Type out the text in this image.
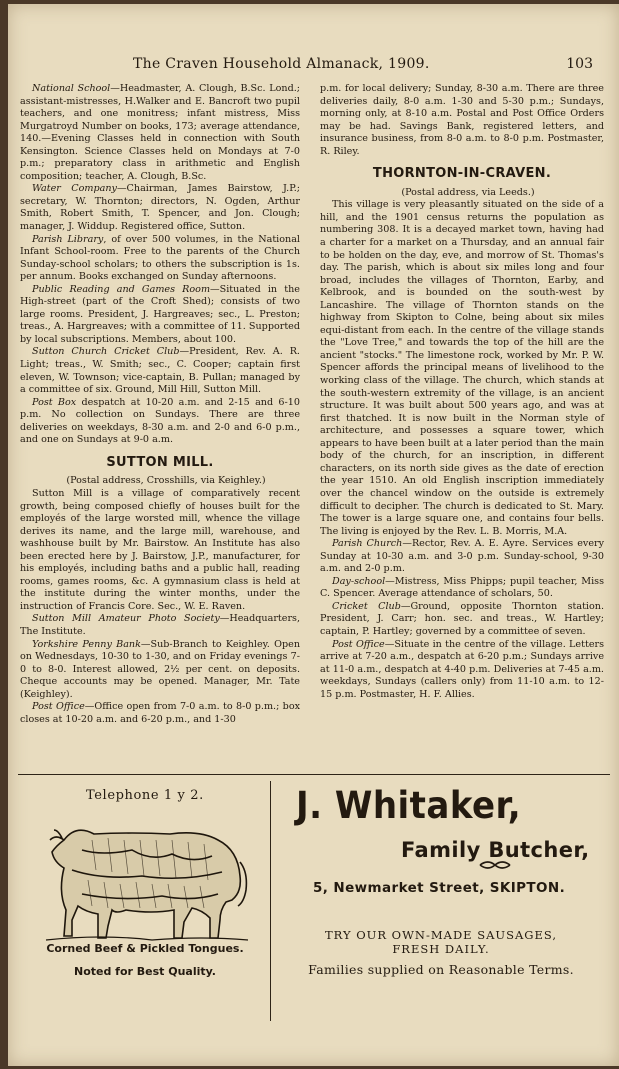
The Craven Household Almanack, 1909.	103

National School—Headmaster, A. Clough, B.Sc. Lond.; assistant-mistresses, H.Walker and E. Bancroft two pupil teachers, and one monitress; infant mistress, Miss Murgatroyd Number on books, 173; average attendance, 140.—Evening Classes held in connection with South Kensington. Science Classes held on Mondays at 7-0 p.m.; preparatory class in arithmetic and English composition; teacher, A. Clough, B.Sc.

Water Company—Chairman, James Bairstow, J.P.; secretary, W. Thornton; directors, N. Ogden, Arthur Smith, Robert Smith, T. Spencer, and Jon. Clough; manager, J. Widdup. Registered office, Sutton.

Parish Library, of over 500 volumes, in the National Infant School-room. Free to the parents of the Church Sunday-school scholars; to others the subscription is 1s. per annum. Books exchanged on Sunday afternoons.

Public Reading and Games Room—Situated in the High-street (part of the Croft Shed); consists of two large rooms. President, J. Hargreaves; sec., L. Preston; treas., A. Hargreaves; with a committee of 11. Supported by local subscriptions. Members, about 100.

Sutton Church Cricket Club—President, Rev. A. R. Light; treas., W. Smith; sec., C. Cooper; captain first eleven, W. Townson; vice-captain, B. Pullan; managed by a committee of six. Ground, Mill Hill, Sutton Mill.

Post Box despatch at 10-20 a.m. and 2-15 and 6-10 p.m. No collection on Sundays. There are three deliveries on weekdays, 8-30 a.m. and 2-0 and 6-0 p.m., and one on Sundays at 9-0 a.m.

SUTTON MILL.

(Postal address, Crosshills, via Keighley.)

Sutton Mill is a village of comparatively recent growth, being composed chiefly of houses built for the employés of the large worsted mill, whence the village derives its name, and the large mill, warehouse, and washhouse built by Mr. Bairstow. An Institute has also been erected here by J. Bairstow, J.P., manufacturer, for his employés, including baths and a public hall, reading rooms, games rooms, &c. A gymnasium class is held at the institute during the winter months, under the instruction of Francis Core. Sec., W. E. Raven.

Sutton Mill Amateur Photo Society—Headquarters, The Institute.

Yorkshire Penny Bank—Sub-Branch to Keighley. Open on Wednesdays, 10-30 to 1-30, and on Friday evenings 7-0 to 8-0. Interest allowed, 2½ per cent. on deposits. Cheque accounts may be opened. Manager, Mr. Tate (Keighley).

Post Office—Office open from 7-0 a.m. to 8-0 p.m.; box closes at 10-20 a.m. and 6-20 p.m., and 1-30

p.m. for local delivery; Sunday, 8-30 a.m. There are three deliveries daily, 8-0 a.m. 1-30 and 5-30 p.m.; Sundays, morning only, at 8-10 a.m. Postal and Post Office Orders may be had. Savings Bank, registered letters, and insurance business, from 8-0 a.m. to 8-0 p.m. Postmaster, R. Riley.

THORNTON-IN-CRAVEN.

(Postal address, via Leeds.)

This village is very pleasantly situated on the side of a hill, and the 1901 census returns the population as numbering 308. It is a decayed market town, having had a charter for a market on a Thursday, and an annual fair to be holden on the day, eve, and morrow of St. Thomas's day. The parish, which is about six miles long and four broad, includes the villages of Thornton, Earby, and Kelbrook, and is bounded on the south-west by Lancashire. The village of Thornton stands on the highway from Skipton to Colne, being about six miles equi-distant from each. In the centre of the village stands the "Love Tree," and towards the top of the hill are the ancient "stocks." The limestone rock, worked by Mr. P. W. Spencer affords the principal means of livelihood to the working class of the village. The church, which stands at the south-western extremity of the village, is an ancient structure. It was built about 500 years ago, and was at first thatched. It is now built in the Norman style of architecture, and possesses a square tower, which appears to have been built at a later period than the main body of the church, for an inscription, in different characters, on its north side gives as the date of erection the year 1510. An old English inscription immediately over the chancel window on the outside is extremely difficult to decipher. The church is dedicated to St. Mary. The tower is a large square one, and contains four bells. The living is enjoyed by the Rev. L. B. Morris, M.A.

Parish Church—Rector, Rev. A. E. Ayre. Services every Sunday at 10-30 a.m. and 3-0 p.m. Sunday-school, 9-30 a.m. and 2-0 p.m.

Day-school—Mistress, Miss Phipps; pupil teacher, Miss C. Spencer. Average attendance of scholars, 50.

Cricket Club—Ground, opposite Thornton station. President, J. Carr; hon. sec. and treas., W. Hartley; captain, P. Hartley; governed by a committee of seven.

Post Office—Situate in the centre of the village. Letters arrive at 7-20 a.m., despatch at 6-20 p.m.; Sundays arrive at 11-0 a.m., despatch at 4-40 p.m. Deliveries at 7-45 a.m. weekdays, Sundays (callers only) from 11-10 a.m. to 12-15 p.m. Postmaster, H. F. Allies.

Telephone 1 y 2.
Corned Beef & Pickled Tongues.
Noted for Best Quality.
J. Whitaker,
Family Butcher,
5, Newmarket Street, SKIPTON.
TRY OUR OWN-MADE SAUSAGES,
FRESH DAILY.
Families supplied on Reasonable Terms.
